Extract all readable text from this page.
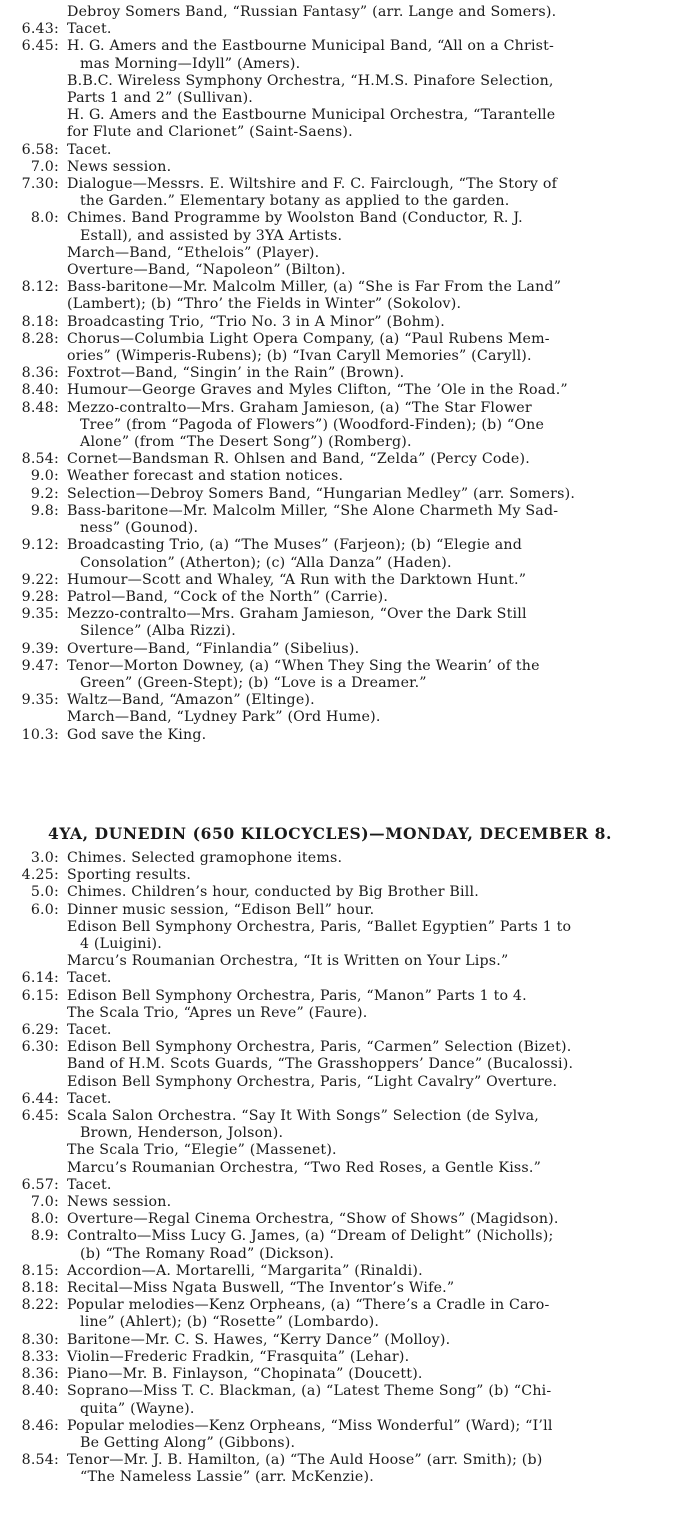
Debroy Somers Band, “Russian Fantasy” (arr. Lange and Somers).
6.43 : Tacet.
6.45 : H. G. Amers and the Eastbourne Municipal Band, “All on a Christ-
mas Morning—Idyll” (Amers).
B.B.C. Wireless Symphony Orchestra, “H.M.S. Pinafore Selection,
Parts 1 and 2” (Sullivan).
H. G. Amers and the Eastbourne Municipal Orchestra, “Tarantelle
for Flute and Clarionet” (Saint-Saens).
6.58 : Tacet.
7.0 : News session.
7.30 : Dialogue—Messrs. E. Wiltshire and F. C. Fairclough, “The Story of
the Garden.” Elementary botany as applied to the garden.
8.0 : Chimes. Band Programme by Woolston Band (Conductor, R. J.
Estall), and assisted by 3YA Artists.
March—Band, “Ethelois” (Player).
Overture—Band, “Napoleon” (Bilton).
8.12 : Bass-baritone—Mr. Malcolm Miller, (a) “She is Far From the Land”
(Lambert); (b) “Thro’ the Fields in Winter” (Sokolov).
8.18 : Broadcasting Trio, “Trio No. 3 in A Minor” (Bohm).
8.28 : Chorus—Columbia Light Opera Company, (a) “Paul Rubens Mem-
ories” (Wimperis-Rubens); (b) “Ivan Caryll Memories” (Caryll).
8.36 : Foxtrot—Band, “Singin’ in the Rain” (Brown).
8.40 : Humour—George Graves and Myles Clifton, “The ’Ole in the Road.”
8.48 : Mezzo-contralto—Mrs. Graham Jamieson, (a) “The Star Flower
Tree” (from “Pagoda of Flowers”) (Woodford-Finden); (b) “One
Alone” (from “The Desert Song”) (Romberg).
8.54 : Cornet—Bandsman R. Ohlsen and Band, “Zelda” (Percy Code).
9.0 : Weather forecast and station notices.
9.2 : Selection—Debroy Somers Band, “Hungarian Medley” (arr. Somers).
9.8 : Bass-baritone—Mr. Malcolm Miller, “She Alone Charmeth My Sad-
ness” (Gounod).
9.12 : Broadcasting Trio, (a) “The Muses” (Farjeon); (b) “Elegie and
Consolation” (Atherton); (c) “Alla Danza” (Haden).
9.22 : Humour—Scott and Whaley, “A Run with the Darktown Hunt.”
9.28 : Patrol—Band, “Cock of the North” (Carrie).
9.35 : Mezzo-contralto—Mrs. Graham Jamieson, “Over the Dark Still
Silence” (Alba Rizzi).
9.39 : Overture—Band, “Finlandia” (Sibelius).
9.47 : Tenor—Morton Downey, (a) “When They Sing the Wearin’ of the
Green” (Green-Stept); (b) “Love is a Dreamer.”
9.35 : Waltz—Band, “Amazon” (Eltinge).
March—Band, “Lydney Park” (Ord Hume).
10.3 : God save the King.
4YA, DUNEDIN (650 KILOCYCLES)—MONDAY, DECEMBER 8.
3.0 : Chimes. Selected gramophone items.
4.25 : Sporting results.
5.0 : Chimes. Children’s hour, conducted by Big Brother Bill.
6.0 : Dinner music session, “Edison Bell” hour.
Edison Bell Symphony Orchestra, Paris, “Ballet Egyptien” Parts 1 to
4 (Luigini).
Marcu’s Roumanian Orchestra, “It is Written on Your Lips.”
6.14 : Tacet.
6.15 : Edison Bell Symphony Orchestra, Paris, “Manon” Parts 1 to 4.
The Scala Trio, “Apres un Reve” (Faure).
6.29 : Tacet.
6.30 : Edison Bell Symphony Orchestra, Paris, “Carmen” Selection (Bizet).
Band of H.M. Scots Guards, “The Grasshoppers’ Dance” (Bucalossi).
Edison Bell Symphony Orchestra, Paris, “Light Cavalry” Overture.
6.44 : Tacet.
6.45 : Scala Salon Orchestra. “Say It With Songs” Selection (de Sylva,
Brown, Henderson, Jolson).
The Scala Trio, “Elegie” (Massenet).
Marcu’s Roumanian Orchestra, “Two Red Roses, a Gentle Kiss.”
6.57 : Tacet.
7.0 : News session.
8.0 : Overture—Regal Cinema Orchestra, “Show of Shows” (Magidson).
8.9 : Contralto—Miss Lucy G. James, (a) “Dream of Delight” (Nicholls);
(b) “The Romany Road” (Dickson).
8.15 : Accordion—A. Mortarelli, “Margarita” (Rinaldi).
8.18 : Recital—Miss Ngata Buswell, “The Inventor’s Wife.”
8.22 : Popular melodies—Kenz Orpheans, (a) “There’s a Cradle in Caro-
line” (Ahlert); (b) “Rosette” (Lombardo).
8.30 : Baritone—Mr. C. S. Hawes, “Kerry Dance” (Molloy).
8.33 : Violin—Frederic Fradkin, “Frasquita” (Lehar).
8.36 : Piano—Mr. B. Finlayson, “Chopinata” (Doucett).
8.40 : Soprano—Miss T. C. Blackman, (a) “Latest Theme Song” (b) “Chi-
quita” (Wayne).
8.46 : Popular melodies—Kenz Orpheans, “Miss Wonderful” (Ward); “I’ll
Be Getting Along” (Gibbons).
8.54 : Tenor—Mr. J. B. Hamilton, (a) “The Auld Hoose” (arr. Smith); (b)
“The Nameless Lassie” (arr. McKenzie).
